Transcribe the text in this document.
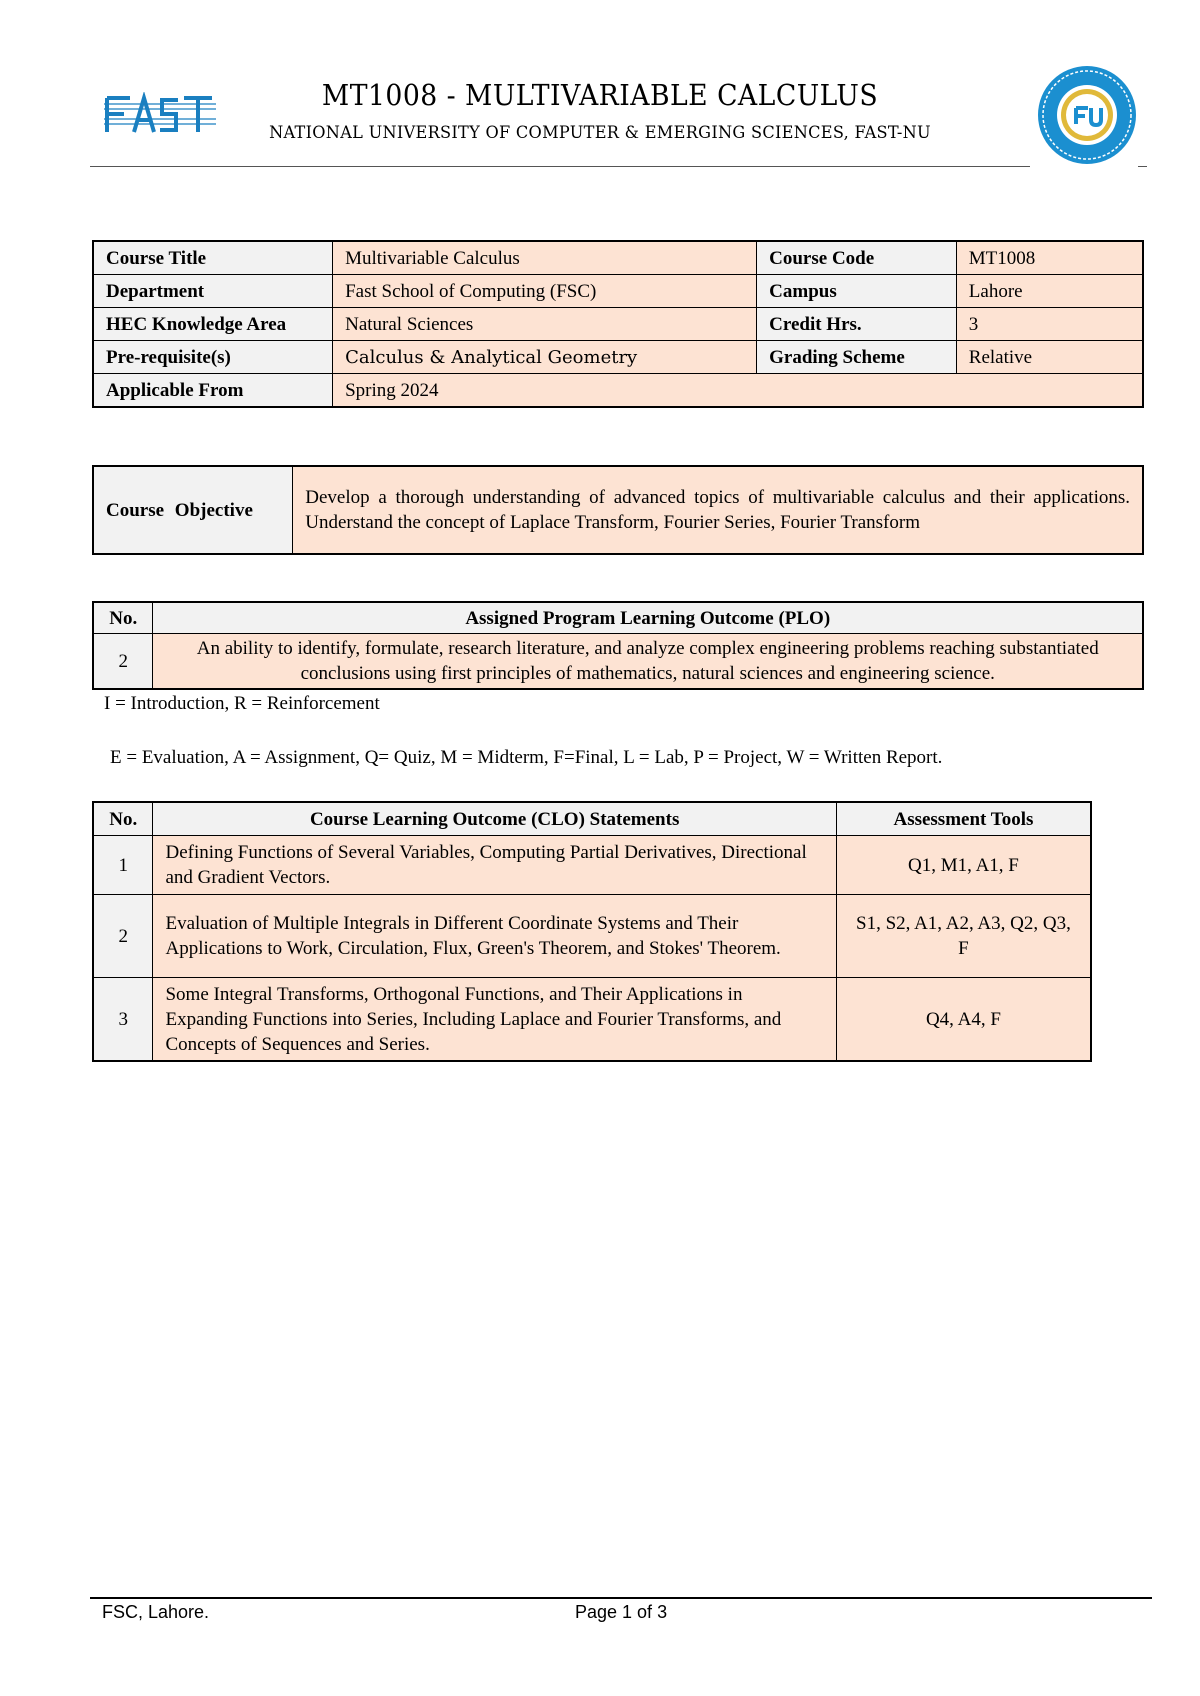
MT1008 - MULTIVARIABLE CALCULUS
NATIONAL UNIVERSITY OF COMPUTER & EMERGING SCIENCES, FAST-NU
Course Title	Multivariable Calculus	Course Code	MT1008
Department	Fast School of Computing (FSC)	Campus	Lahore
HEC Knowledge Area	Natural Sciences	Credit Hrs.	3
Pre-requisite(s)	Calculus & Analytical Geometry	Grading Scheme	Relative
Applicable From	Spring 2024		
Course Objective	Develop a thorough understanding of advanced topics of multivariable calculus and their applications. Understand the concept of Laplace Transform, Fourier Series, Fourier Transform
No.	Assigned Program Learning Outcome (PLO)
2	An ability to identify, formulate, research literature, and analyze complex engineering problems reaching substantiated conclusions using first principles of mathematics, natural sciences and engineering science.
I = Introduction, R = Reinforcement
E = Evaluation, A = Assignment, Q= Quiz, M = Midterm, F=Final, L = Lab, P = Project, W = Written Report.
No.	Course Learning Outcome (CLO) Statements	Assessment Tools
1	Defining Functions of Several Variables, Computing Partial Derivatives, Directional and Gradient Vectors.	Q1, M1, A1, F
2	Evaluation of Multiple Integrals in Different Coordinate Systems and Their Applications to Work, Circulation, Flux, Green's Theorem, and Stokes' Theorem.	S1, S2, A1, A2, A3, Q2, Q3, F
3	Some Integral Transforms, Orthogonal Functions, and Their Applications in Expanding Functions into Series, Including Laplace and Fourier Transforms, and Concepts of Sequences and Series.	Q4, A4, F
FSC, Lahore.	Page 1 of 3
